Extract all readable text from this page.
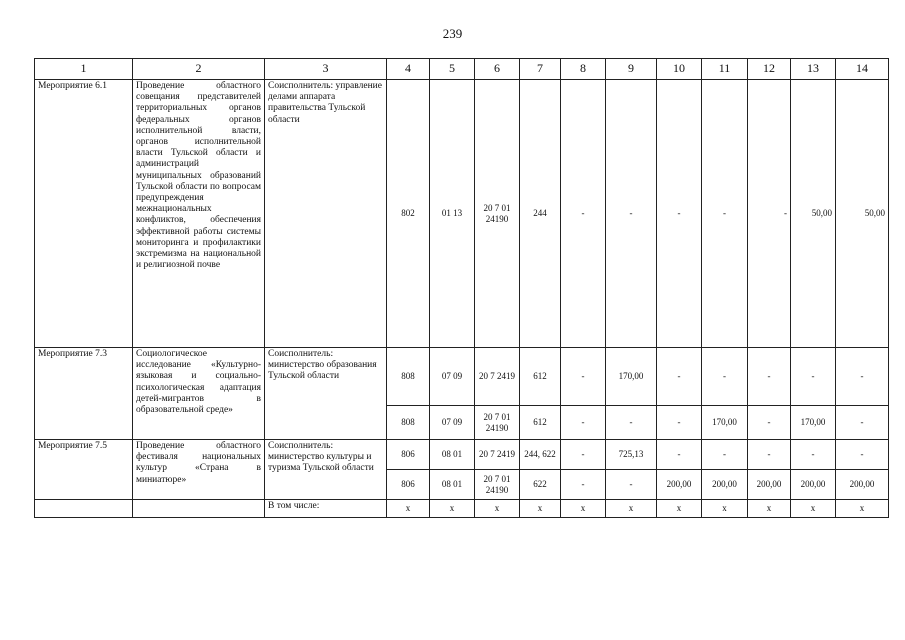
239
1	2	3	4	5	6	7	8	9	10	11	12	13	14
Мероприятие 6.1	Проведение областного совещания представителей территориальных органов федеральных органов исполнительной власти, органов исполнительной власти Тульской области и администраций муниципальных образований Тульской области по вопросам предупреждения межнациональных конфликтов, обеспечения эффективной работы системы мониторинга и профилактики экстремизма на национальной и религиозной почве	Соисполнитель: управление делами аппарата правительства Тульской области	802	01 13	20 7 01 24190	244	-	-	-	-	-	50,00	50,00
Мероприятие 7.3	Социологическое исследование «Культурно-языковая и социально-психологическая адаптация детей-мигрантов в образовательной среде»	Соисполнитель: министерство образования Тульской области	808	07 09	20 7 2419	612	-	170,00	-	-	-	-	-
			808	07 09	20 7 01 24190	612	-	-	-	170,00	-	170,00	-
Мероприятие 7.5	Проведение областного фестиваля национальных культур «Страна в миниатюре»	Соисполнитель: министерство культуры и туризма Тульской области	806	08 01	20 7 2419	244, 622	-	725,13	-	-	-	-	-
			806	08 01	20 7 01 24190	622	-	-	200,00	200,00	200,00	200,00	200,00
		В том числе:	х	х	х	х	х	х	х	х	х	х	х
